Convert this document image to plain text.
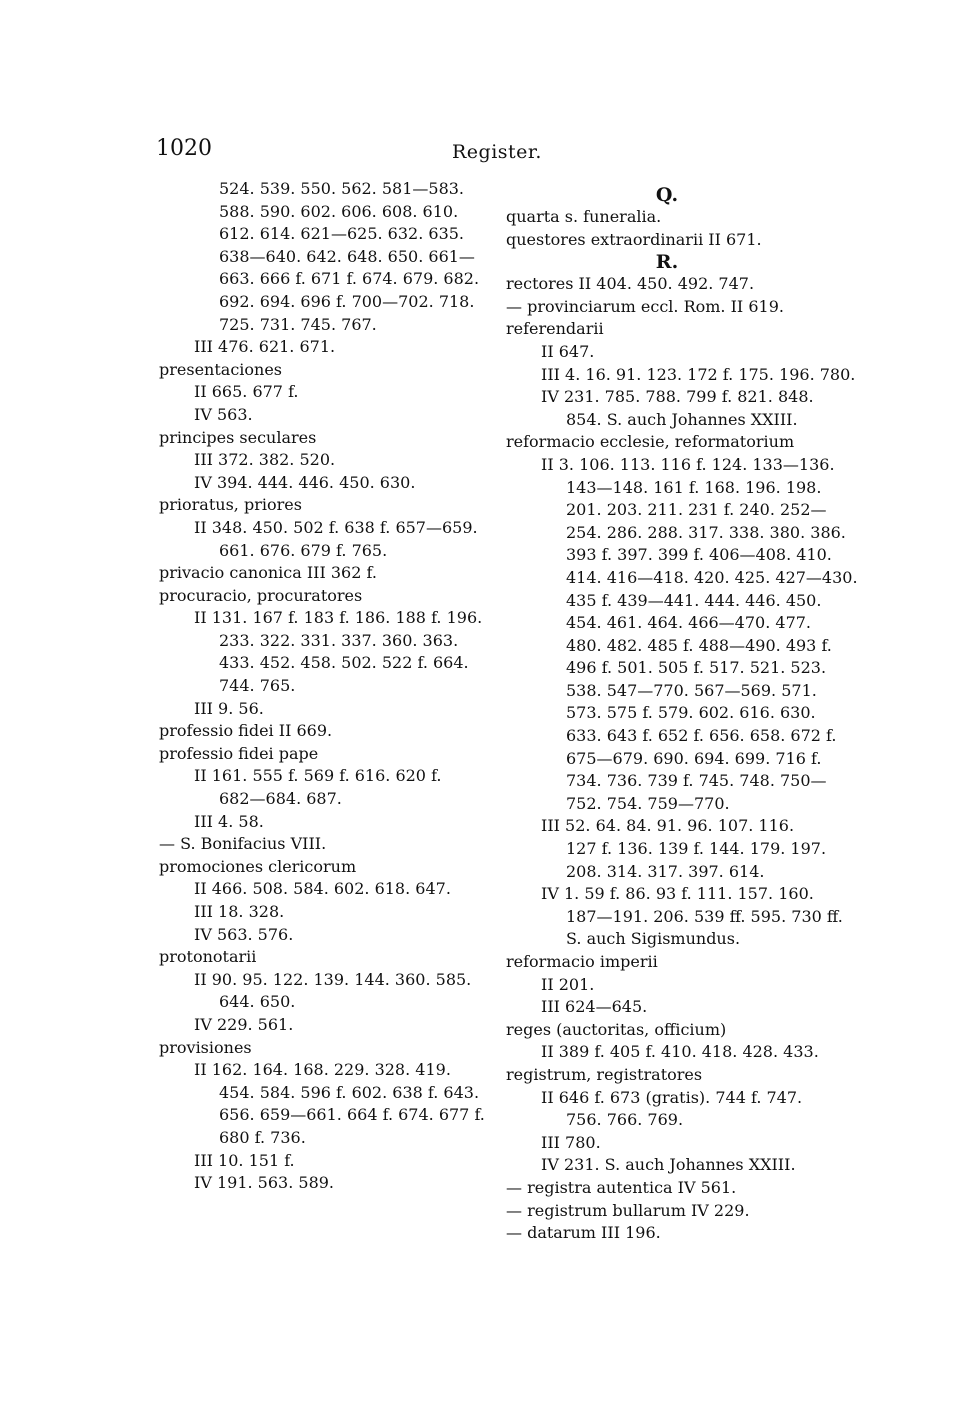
1020	Register.
524. 539. 550. 562. 581—583.
588. 590. 602. 606. 608. 610.
612. 614. 621—625. 632. 635.
638—640. 642. 648. 650. 661—
663. 666 f. 671 f. 674. 679. 682.
692. 694. 696 f. 700—702. 718.
725. 731. 745. 767.
III 476. 621. 671.
presentaciones
II 665. 677 f.
IV 563.
principes seculares
III 372. 382. 520.
IV 394. 444. 446. 450. 630.
prioratus, priores
II 348. 450. 502 f. 638 f. 657—659.
661. 676. 679 f. 765.
privacio canonica III 362 f.
procuracio, procuratores
II 131. 167 f. 183 f. 186. 188 f. 196.
233. 322. 331. 337. 360. 363.
433. 452. 458. 502. 522 f. 664.
744. 765.
III 9. 56.
professio fidei II 669.
professio fidei pape
II 161. 555 f. 569 f. 616. 620 f.
682—684. 687.
III 4. 58.
— S. Bonifacius VIII.
promociones clericorum
II 466. 508. 584. 602. 618. 647.
III 18. 328.
IV 563. 576.
protonotarii
II 90. 95. 122. 139. 144. 360. 585.
644. 650.
IV 229. 561.
provisiones
II 162. 164. 168. 229. 328. 419.
454. 584. 596 f. 602. 638 f. 643.
656. 659—661. 664 f. 674. 677 f.
680 f. 736.
III 10. 151 f.
IV 191. 563. 589.
Q.
quarta s. funeralia.
questores extraordinarii II 671.
R.
rectores II 404. 450. 492. 747.
— provinciarum eccl. Rom. II 619.
referendarii
II 647.
III 4. 16. 91. 123. 172 f. 175. 196. 780.
IV 231. 785. 788. 799 f. 821. 848.
854. S. auch Johannes XXIII.
reformacio ecclesie, reformatorium
II 3. 106. 113. 116 f. 124. 133—136.
143—148. 161 f. 168. 196. 198.
201. 203. 211. 231 f. 240. 252—
254. 286. 288. 317. 338. 380. 386.
393 f. 397. 399 f. 406—408. 410.
414. 416—418. 420. 425. 427—430.
435 f. 439—441. 444. 446. 450.
454. 461. 464. 466—470. 477.
480. 482. 485 f. 488—490. 493 f.
496 f. 501. 505 f. 517. 521. 523.
538. 547—770. 567—569. 571.
573. 575 f. 579. 602. 616. 630.
633. 643 f. 652 f. 656. 658. 672 f.
675—679. 690. 694. 699. 716 f.
734. 736. 739 f. 745. 748. 750—
752. 754. 759—770.
III 52. 64. 84. 91. 96. 107. 116.
127 f. 136. 139 f. 144. 179. 197.
208. 314. 317. 397. 614.
IV 1. 59 f. 86. 93 f. 111. 157. 160.
187—191. 206. 539 ff. 595. 730 ff.
S. auch Sigismundus.
reformacio imperii
II 201.
III 624—645.
reges (auctoritas, officium)
II 389 f. 405 f. 410. 418. 428. 433.
registrum, registratores
II 646 f. 673 (gratis). 744 f. 747.
756. 766. 769.
III 780.
IV 231. S. auch Johannes XXIII.
— registra autentica IV 561.
— registrum bullarum IV 229.
— datarum III 196.
